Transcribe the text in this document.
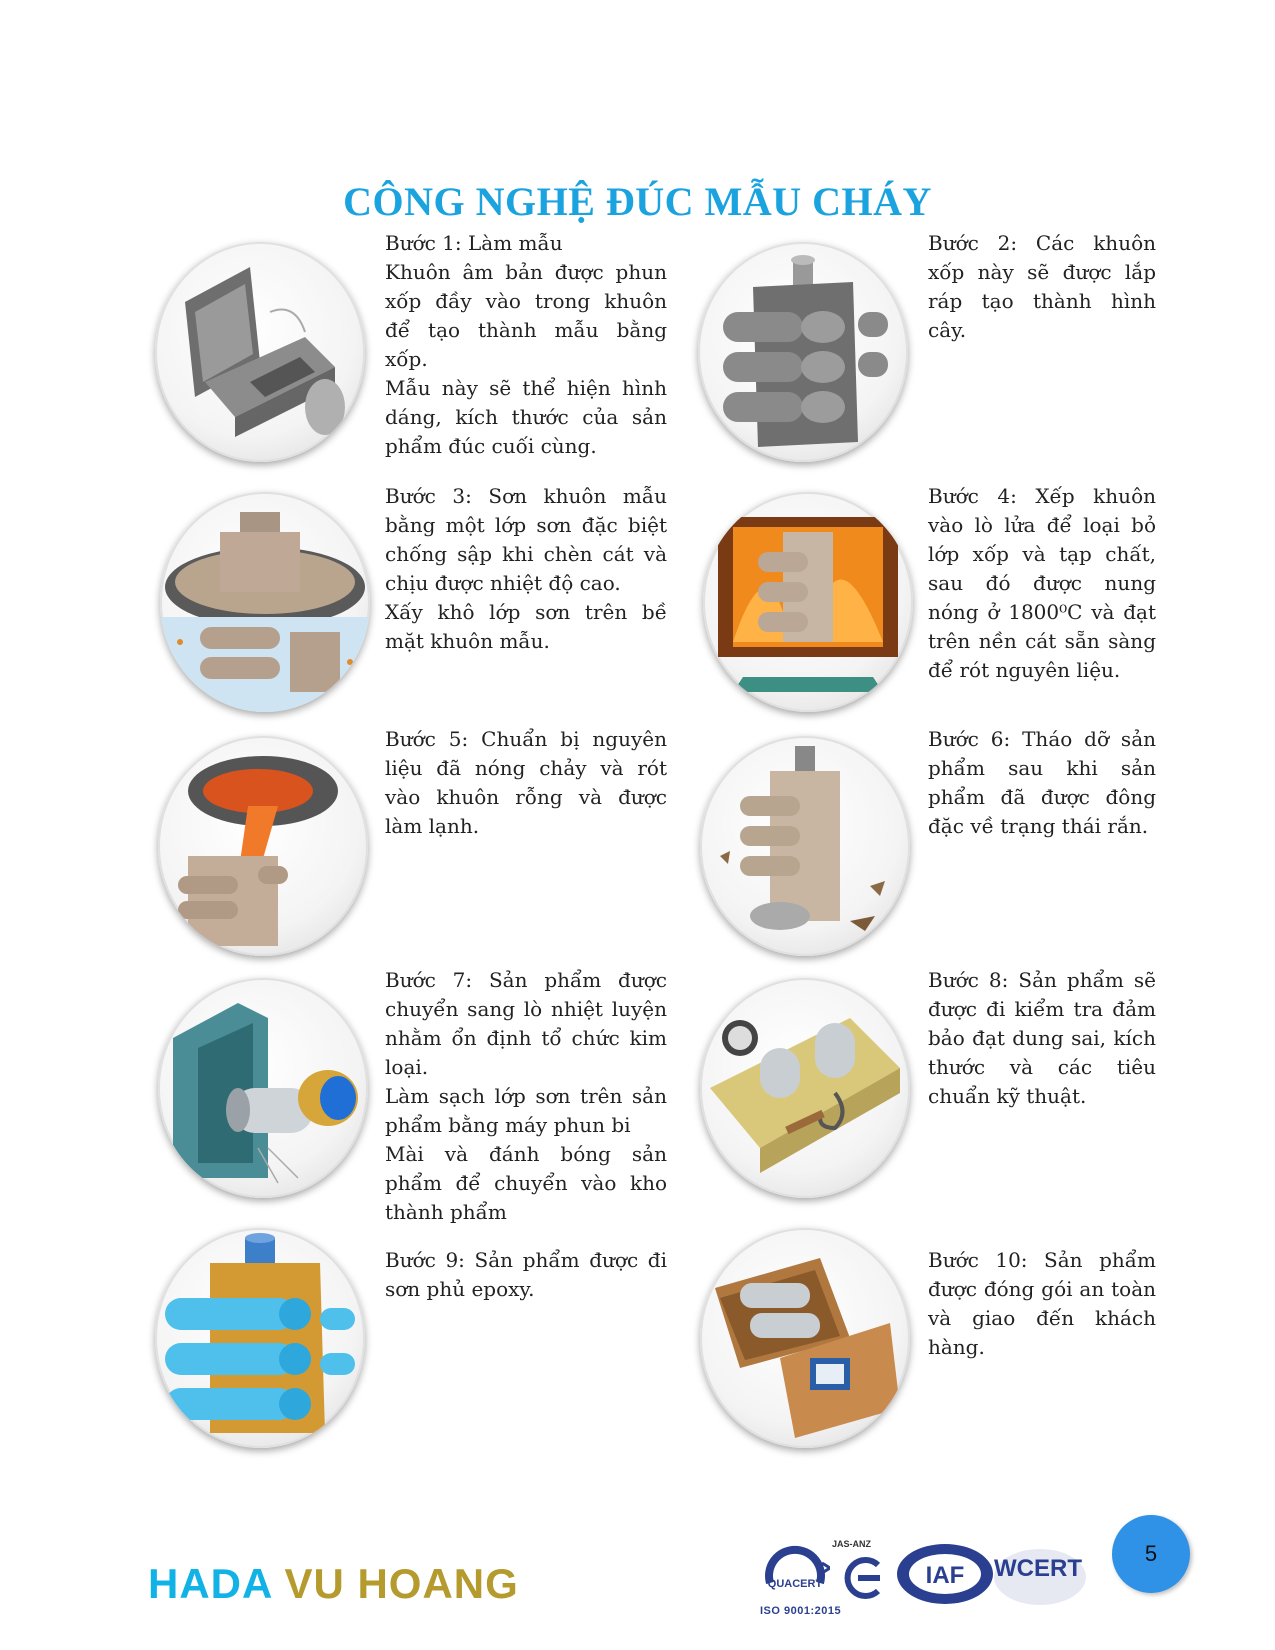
CÔNG NGHỆ ĐÚC MẪU CHÁY

Bước 1: Làm mẫu

Khuôn âm bản được phun xốp đầy vào trong khuôn để tạo thành mẫu bằng xốp.

Mẫu này sẽ thể hiện hình dáng, kích thước của sản phẩm đúc cuối cùng.

Bước 2: Các khuôn xốp này sẽ được lắp ráp tạo thành hình cây.

Bước 3: Sơn khuôn mẫu bằng một lớp sơn đặc biệt chống sập khi chèn cát và chịu được nhiệt độ cao.

Xấy khô lớp sơn trên bề mặt khuôn mẫu.

Bước 4: Xếp khuôn vào lò lửa để loại bỏ lớp xốp và tạp chất, sau đó được nung nóng ở 1800⁰C và đạt trên nền cát sẵn sàng để rót nguyên liệu.

Bước 5: Chuẩn bị nguyên liệu đã nóng chảy và rót vào khuôn rỗng và được làm lạnh.

Bước 6: Tháo dỡ sản phẩm sau khi sản phẩm đã được đông đặc về trạng thái rắn.

Bước 7: Sản phẩm được chuyển sang lò nhiệt luyện nhằm ổn định tổ chức kim loại.

Làm sạch lớp sơn trên sản phẩm bằng máy phun bi

Mài và đánh bóng sản phẩm để chuyển vào kho thành phẩm

Bước 8: Sản phẩm sẽ được đi kiểm tra đảm bảo đạt dung sai, kích thước và các tiêu chuẩn kỹ thuật.

Bước 9: Sản phẩm được đi sơn phủ epoxy.

Bước 10: Sản phẩm được đóng gói an toàn và giao đến khách hàng.

HADA VU HOANG	QUACERT
ISO 9001:2015
JAS-ANZ
IAF WCERT
5
